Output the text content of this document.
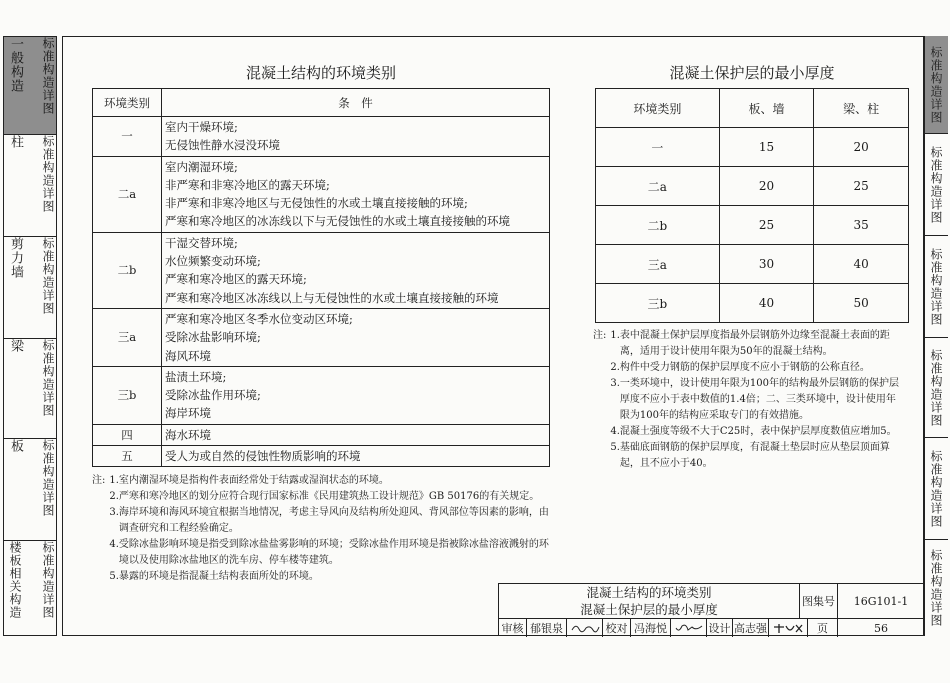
一般构造 标准构造详图
柱 标准构造详图
剪力墙 标准构造详图
梁 标准构造详图
板 标准构造详图
楼板相关构造 标准构造详图
标准构造详图
标准构造详图
标准构造详图
标准构造详图
标准构造详图
标准构造详图
混凝土结构的环境类别
环境类别	条　件
一	室内干燥环境;
无侵蚀性静水浸没环境

二a	室内潮湿环境;
非严寒和非寒冷地区的露天环境;
非严寒和非寒冷地区与无侵蚀性的水或土壤直接接触的环境;
严寒和寒冷地区的冰冻线以下与无侵蚀性的水或土壤直接接触的环境

二b	干湿交替环境;
水位频繁变动环境;
严寒和寒冷地区的露天环境;
严寒和寒冷地区冰冻线以上与无侵蚀性的水或土壤直接接触的环境

三a	严寒和寒冷地区冬季水位变动区环境;
受除冰盐影响环境;
海风环境

三b	盐渍土环境;
受除冰盐作用环境;
海岸环境

四	海水环境

五	受人为或自然的侵蚀性物质影响的环境
注: 1. 室内潮湿环境是指构件表面经常处于结露或湿润状态的环境。
2. 严寒和寒冷地区的划分应符合现行国家标准《民用建筑热工设计规范》GB 50176的有关规定。
3. 海岸环境和海风环境宜根据当地情况，考虑主导风向及结构所处迎风、背风部位等因素的影响，由调查研究和工程经验确定。
4. 受除冰盐影响环境是指受到除冰盐盐雾影响的环境；受除冰盐作用环境是指被除冰盐溶液溅射的环境以及使用除冰盐地区的洗车房、停车楼等建筑。
5. 暴露的环境是指混凝土结构表面所处的环境。
混凝土保护层的最小厚度
环境类别	板、墙	梁、柱
一	15	20
二a	20	25
二b	25	35
三a	30	40
三b	40	50
注: 1. 表中混凝土保护层厚度指最外层钢筋外边缘至混凝土表面的距离，适用于设计使用年限为50年的混凝土结构。
2. 构件中受力钢筋的保护层厚度不应小于钢筋的公称直径。
3. 一类环境中，设计使用年限为100年的结构最外层钢筋的保护层厚度不应小于表中数值的1.4倍；二、三类环境中，设计使用年限为100年的结构应采取专门的有效措施。
4. 混凝土强度等级不大于C25时，表中保护层厚度数值应增加5。
5. 基础底面钢筋的保护层厚度，有混凝土垫层时应从垫层顶面算起，且不应小于40。
混凝土结构的环境类别
混凝土保护层的最小厚度
图集号	16G101-1
审核 郁银泉	校对 冯海悦	设计 高志强	页	56
